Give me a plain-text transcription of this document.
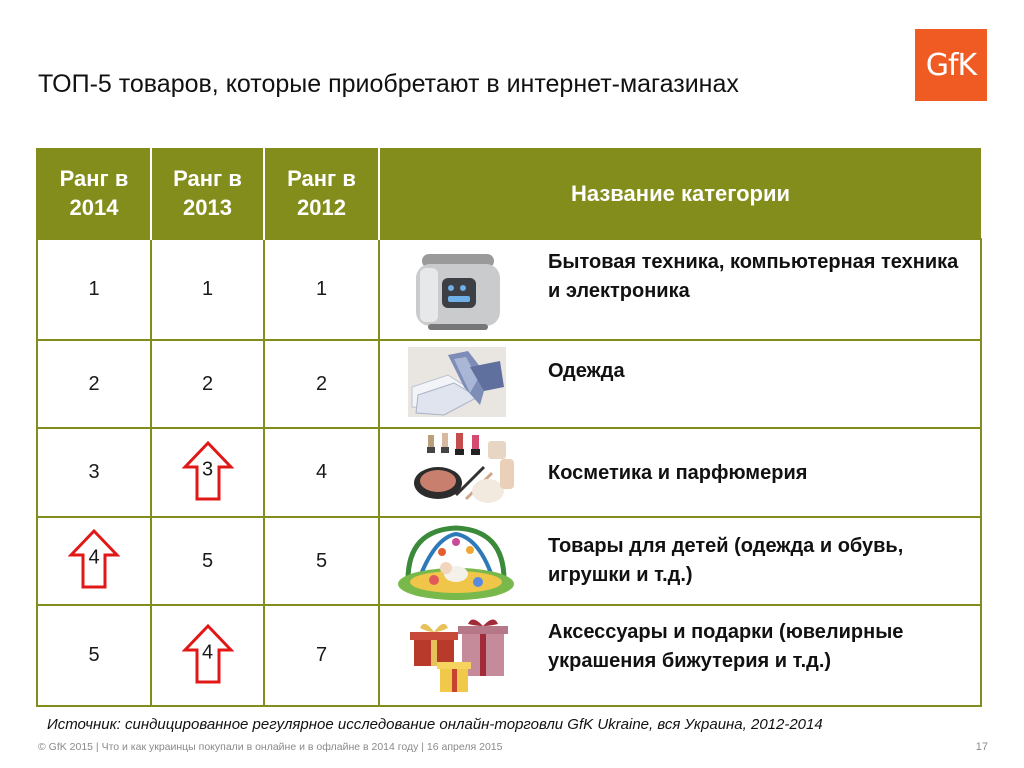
ТОП-5 товаров, которые приобретают в интернет-магазинах
GfK
Ранг в 2014	Ранг в 2013	Ранг в 2012	Название категории
1	1	1	Бытовая техника, компьютерная техника и электроника

2	2	2	Одежда

3	3	4	Косметика и парфюмерия

4	5	5	Товары для детей (одежда и обувь, игрушки и т.д.)

5	4	7	Аксессуары и подарки (ювелирные украшения бижутерия и т.д.)
Источник: синдицированное регулярное исследование онлайн-торговли GfK Ukraine, вся Украина, 2012-2014
© GfK 2015 | Что и как украинцы покупали в онлайне и в офлайне в 2014 году | 16 апреля 2015	17
